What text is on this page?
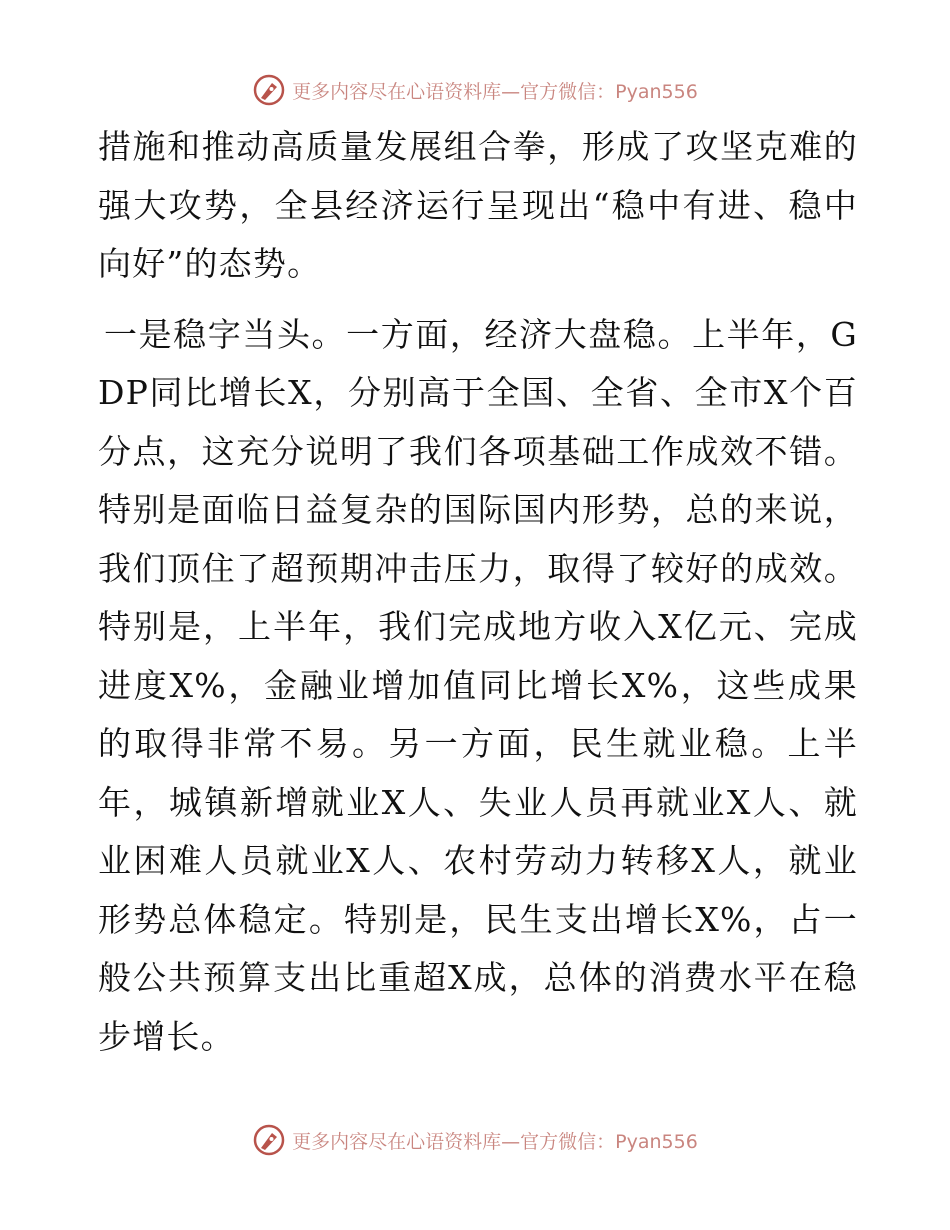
更多内容尽在心语资料库—官方微信：Pyan556

措施和推动高质量发展组合拳，形成了攻坚克难的强大攻势，全县经济运行呈现出“稳中有进、稳中向好”的态势。

一是稳字当头。一方面，经济大盘稳。上半年，GDP同比增长X，分别高于全国、全省、全市X个百分点，这充分说明了我们各项基础工作成效不错。特别是面临日益复杂的国际国内形势，总的来说，我们顶住了超预期冲击压力，取得了较好的成效。特别是，上半年，我们完成地方收入X亿元、完成进度X%，金融业增加值同比增长X%，这些成果的取得非常不易。另一方面，民生就业稳。上半年，城镇新增就业X人、失业人员再就业X人、就业困难人员就业X人、农村劳动力转移X人，就业形势总体稳定。特别是，民生支出增长X%，占一般公共预算支出比重超X成，总体的消费水平在稳步增长。

更多内容尽在心语资料库—官方微信：Pyan556
